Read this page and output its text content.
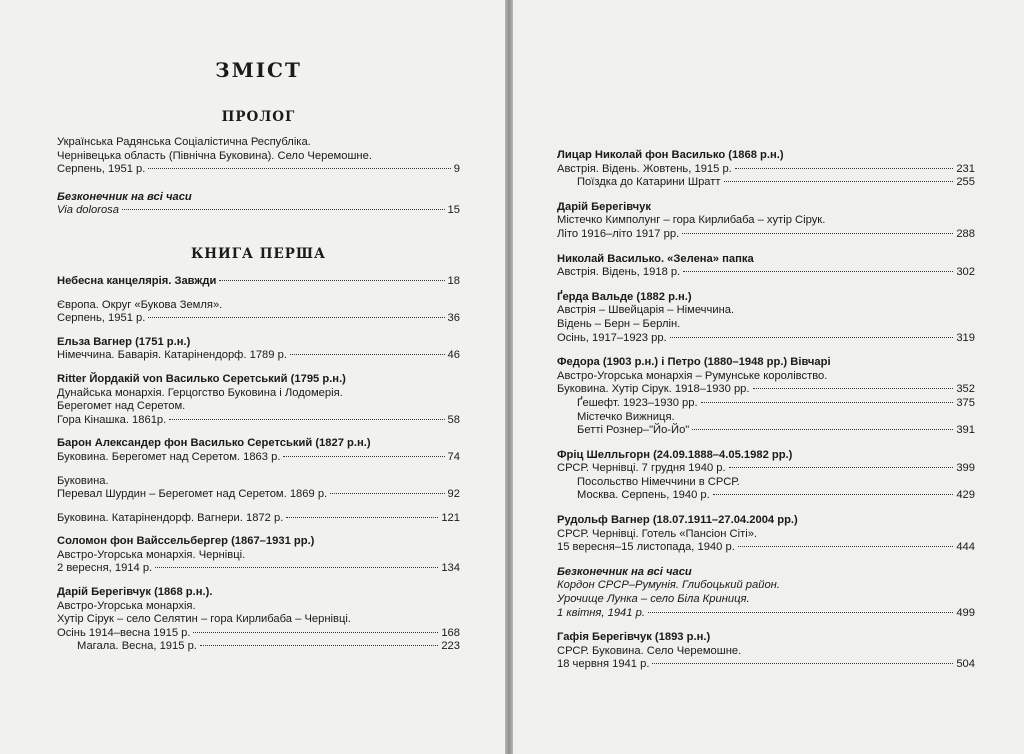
ЗМІСТ
ПРОЛОГ
Українська Радянська Соціалістична Республіка.
Чернівецька область (Північна Буковина). Село Черемошне.
Серпень, 1951 р.	9
Безконечник на всі часи
Via dolorosa	15
КНИГА ПЕРША
Небесна канцелярія. Завжди	18
Європа. Округ «Букова Земля».
Серпень, 1951 р.	36
Ельза Вагнер (1751 р.н.)
Німеччина. Баварія. Катарінендорф. 1789 р.	46
Ritter Йордакій von Василько Серетський (1795 р.н.)
Дунайська монархія. Герцогство Буковина і Лодомерія.
Берегомет над Серетом.
Гора Кінашка. 1861р.	58
Барон Александер фон Василько Серетський (1827 р.н.)
Буковина. Берегомет над Серетом. 1863 р.	74
Буковина.
Перевал Шурдин – Берегомет над Серетом. 1869 р.	92
Буковина. Катарінендорф. Вагнери. 1872 р.	121
Соломон фон Вайссельбергер (1867–1931 рр.)
Австро-Угорська монархія. Чернівці.
2 вересня, 1914 р.	134
Дарій Берегівчук (1868 р.н.).
Австро-Угорська монархія.
Хутір Сірук – село Селятин – гора Кирлибаба – Чернівці.
Осінь 1914–весна 1915 р.	168
Магала. Весна, 1915 р.	223
Лицар Николай фон Василько (1868 р.н.)
Австрія. Відень. Жовтень, 1915 р.	231
Поїздка до Катарини Шратт	255
Дарій Берегівчук
Містечко Кимполунг – гора Кирлибаба – хутір Сірук.
Літо 1916–літо 1917 рр.	288
Николай Василько. «Зелена» папка
Австрія. Відень, 1918 р.	302
Ґерда Вальде (1882 р.н.)
Австрія – Швейцарія – Німеччина.
Відень – Берн – Берлін.
Осінь, 1917–1923 рр.	319
Федора (1903 р.н.) і Петро (1880–1948 рр.) Вівчарі
Австро-Угорська монархія – Румунське королівство.
Буковина. Хутір Сірук. 1918–1930 рр.	352
Ґешефт. 1923–1930 рр.	375
Містечко Вижниця.
Бетті Рознер–"Йо-Йо"	391
Фріц Шелльгорн (24.09.1888–4.05.1982 рр.)
СРСР. Чернівці. 7 грудня 1940 р.	399
Посольство Німеччини в СРСР.
Москва. Серпень, 1940 р.	429
Рудольф Вагнер (18.07.1911–27.04.2004 рр.)
СРСР. Чернівці. Готель «Пансіон Сіті».
15 вересня–15 листопада, 1940 р.	444
Безконечник на всі часи
Кордон СРСР–Румунія. Глибоцький район.
Урочище Лунка – село Біла Криниця.
1 квітня, 1941 р.	499
Гафія Берегівчук (1893 р.н.)
СРСР. Буковина. Село Черемошне.
18 червня 1941 р.	504
